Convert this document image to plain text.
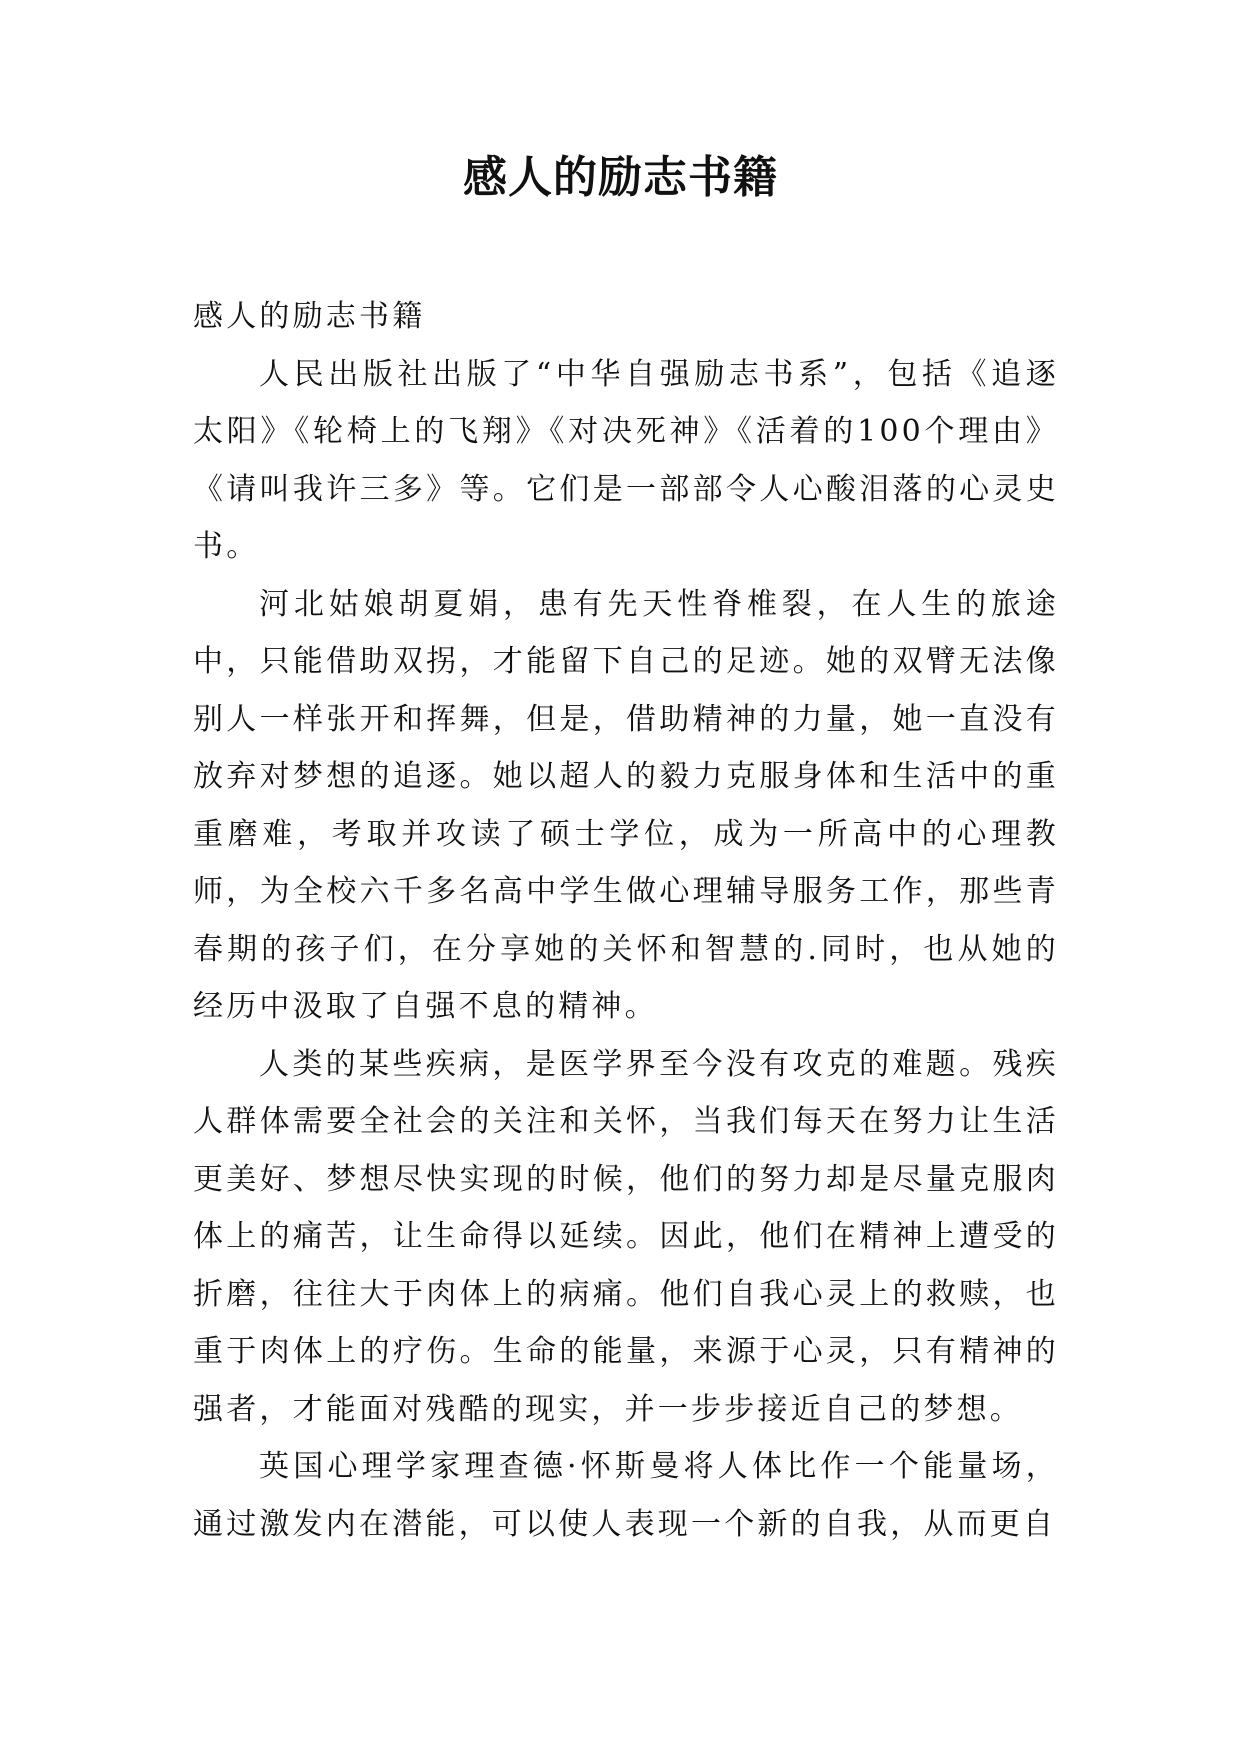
感人的励志书籍

感人的励志书籍

人民出版社出版了“中华自强励志书系”，包括《追逐太阳》《轮椅上的飞翔》《对决死神》《活着的100个理由》《请叫我许三多》等。它们是一部部令人心酸泪落的心灵史书。

河北姑娘胡夏娟，患有先天性脊椎裂，在人生的旅途中，只能借助双拐，才能留下自己的足迹。她的双臂无法像别人一样张开和挥舞，但是，借助精神的力量，她一直没有放弃对梦想的追逐。她以超人的毅力克服身体和生活中的重重磨难，考取并攻读了硕士学位，成为一所高中的心理教师，为全校六千多名高中学生做心理辅导服务工作，那些青春期的孩子们，在分享她的关怀和智慧的.同时，也从她的经历中汲取了自强不息的精神。

人类的某些疾病，是医学界至今没有攻克的难题。残疾人群体需要全社会的关注和关怀，当我们每天在努力让生活更美好、梦想尽快实现的时候，他们的努力却是尽量克服肉体上的痛苦，让生命得以延续。因此，他们在精神上遭受的折磨，往往大于肉体上的病痛。他们自我心灵上的救赎，也重于肉体上的疗伤。生命的能量，来源于心灵，只有精神的强者，才能面对残酷的现实，并一步步接近自己的梦想。

英国心理学家理查德·怀斯曼将人体比作一个能量场，通过激发内在潜能，可以使人表现一个新的自我，从而更自
